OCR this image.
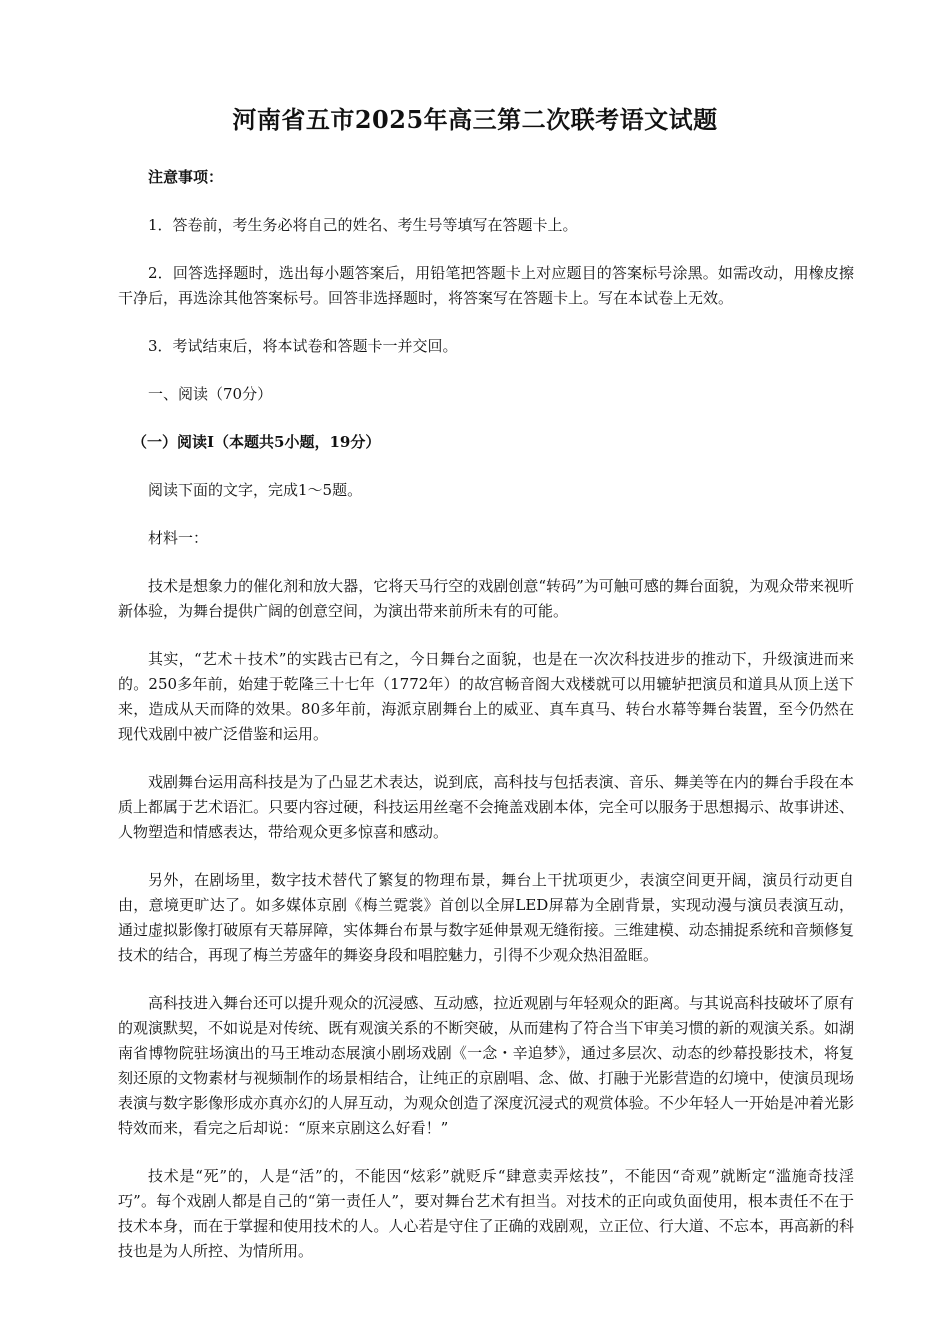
河南省五市2025年高三第二次联考语文试题

注意事项：

1．答卷前，考生务必将自己的姓名、考生号等填写在答题卡上。

2．回答选择题时，选出每小题答案后，用铅笔把答题卡上对应题目的答案标号涂黑。如需改动，用橡皮擦干净后，再选涂其他答案标号。回答非选择题时，将答案写在答题卡上。写在本试卷上无效。

3．考试结束后，将本试卷和答题卡一并交回。

一、阅读（70分）

（一）阅读Ⅰ（本题共5小题，19分）

阅读下面的文字，完成1～5题。

材料一：

技术是想象力的催化剂和放大器，它将天马行空的戏剧创意“转码”为可触可感的舞台面貌，为观众带来视听新体验，为舞台提供广阔的创意空间，为演出带来前所未有的可能。

其实，“艺术＋技术”的实践古已有之，今日舞台之面貌，也是在一次次科技进步的推动下，升级演进而来的。250多年前，始建于乾隆三十七年（1772年）的故宫畅音阁大戏楼就可以用辘轳把演员和道具从顶上送下来，造成从天而降的效果。80多年前，海派京剧舞台上的威亚、真车真马、转台水幕等舞台装置，至今仍然在现代戏剧中被广泛借鉴和运用。

戏剧舞台运用高科技是为了凸显艺术表达，说到底，高科技与包括表演、音乐、舞美等在内的舞台手段在本质上都属于艺术语汇。只要内容过硬，科技运用丝毫不会掩盖戏剧本体，完全可以服务于思想揭示、故事讲述、人物塑造和情感表达，带给观众更多惊喜和感动。

另外，在剧场里，数字技术替代了繁复的物理布景，舞台上干扰项更少，表演空间更开阔，演员行动更自由，意境更旷达了。如多媒体京剧《梅兰霓裳》首创以全屏LED屏幕为全剧背景，实现动漫与演员表演互动，通过虚拟影像打破原有天幕屏障，实体舞台布景与数字延伸景观无缝衔接。三维建模、动态捕捉系统和音频修复技术的结合，再现了梅兰芳盛年的舞姿身段和唱腔魅力，引得不少观众热泪盈眶。

高科技进入舞台还可以提升观众的沉浸感、互动感，拉近观剧与年轻观众的距离。与其说高科技破坏了原有的观演默契，不如说是对传统、既有观演关系的不断突破，从而建构了符合当下审美习惯的新的观演关系。如湖南省博物院驻场演出的马王堆动态展演小剧场戏剧《一念・辛追梦》，通过多层次、动态的纱幕投影技术，将复刻还原的文物素材与视频制作的场景相结合，让纯正的京剧唱、念、做、打融于光影营造的幻境中，使演员现场表演与数字影像形成亦真亦幻的人屏互动，为观众创造了深度沉浸式的观赏体验。不少年轻人一开始是冲着光影特效而来，看完之后却说：“原来京剧这么好看！”

技术是“死”的，人是“活”的，不能因“炫彩”就贬斥“肆意卖弄炫技”，不能因“奇观”就断定“滥施奇技淫巧”。每个戏剧人都是自己的“第一责任人”，要对舞台艺术有担当。对技术的正向或负面使用，根本责任不在于技术本身，而在于掌握和使用技术的人。人心若是守住了正确的戏剧观，立正位、行大道、不忘本，再高新的科技也是为人所控、为情所用。
